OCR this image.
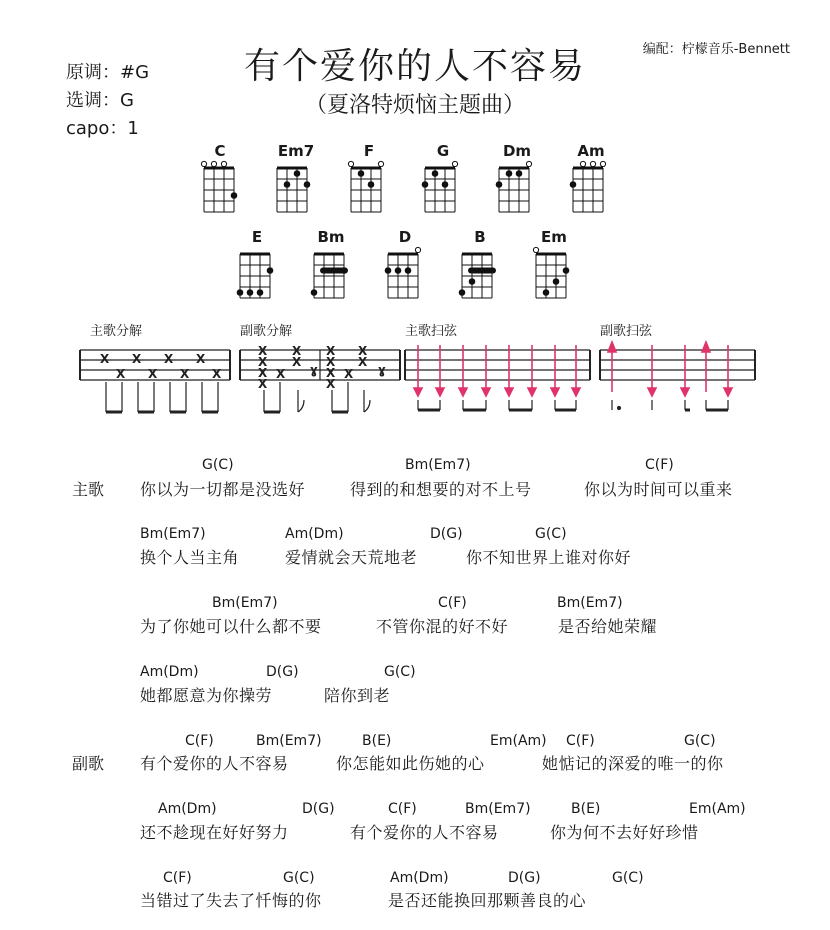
有个爱你的人不容易
（夏洛特烦恼主题曲）
编配：柠檬音乐-Bennett
原调：#G
选调：G
capo：1
C	Em7	F	G	Dm	Am
E	Bm	D	B	Em
主歌分解	副歌分解	主歌扫弦	副歌扫弦
X
X
X
X
X
X
X
X
X
X
X
X
X
X
X
ɣ
X
X
X
X
X
X
X
ɣ
主歌
副歌
G(C)	Bm(Em7)	C(F)
你以为一切都是没选好	得到的和想要的对不上号	你以为时间可以重来
Bm(Em7)	Am(Dm)	D(G)	G(C)
换个人当主角	爱情就会天荒地老	你不知世界上谁对你好
Bm(Em7)	C(F)	Bm(Em7)
为了你她可以什么都不要	不管你混的好不好	是否给她荣耀
Am(Dm)	D(G)	G(C)
她都愿意为你操劳	陪你到老
C(F)	Bm(Em7)	B(E)	Em(Am) C(F)	G(C)
有个爱你的人不容易	你怎能如此伤她的心	她惦记的深爱的唯一的你
Am(Dm)	D(G)	C(F)	Bm(Em7)	B(E)	Em(Am)
还不趁现在好好努力	有个爱你的人不容易	你为何不去好好珍惜
C(F)	G(C)	Am(Dm)	D(G)	G(C)
当错过了失去了忏悔的你	是否还能换回那颗善良的心
